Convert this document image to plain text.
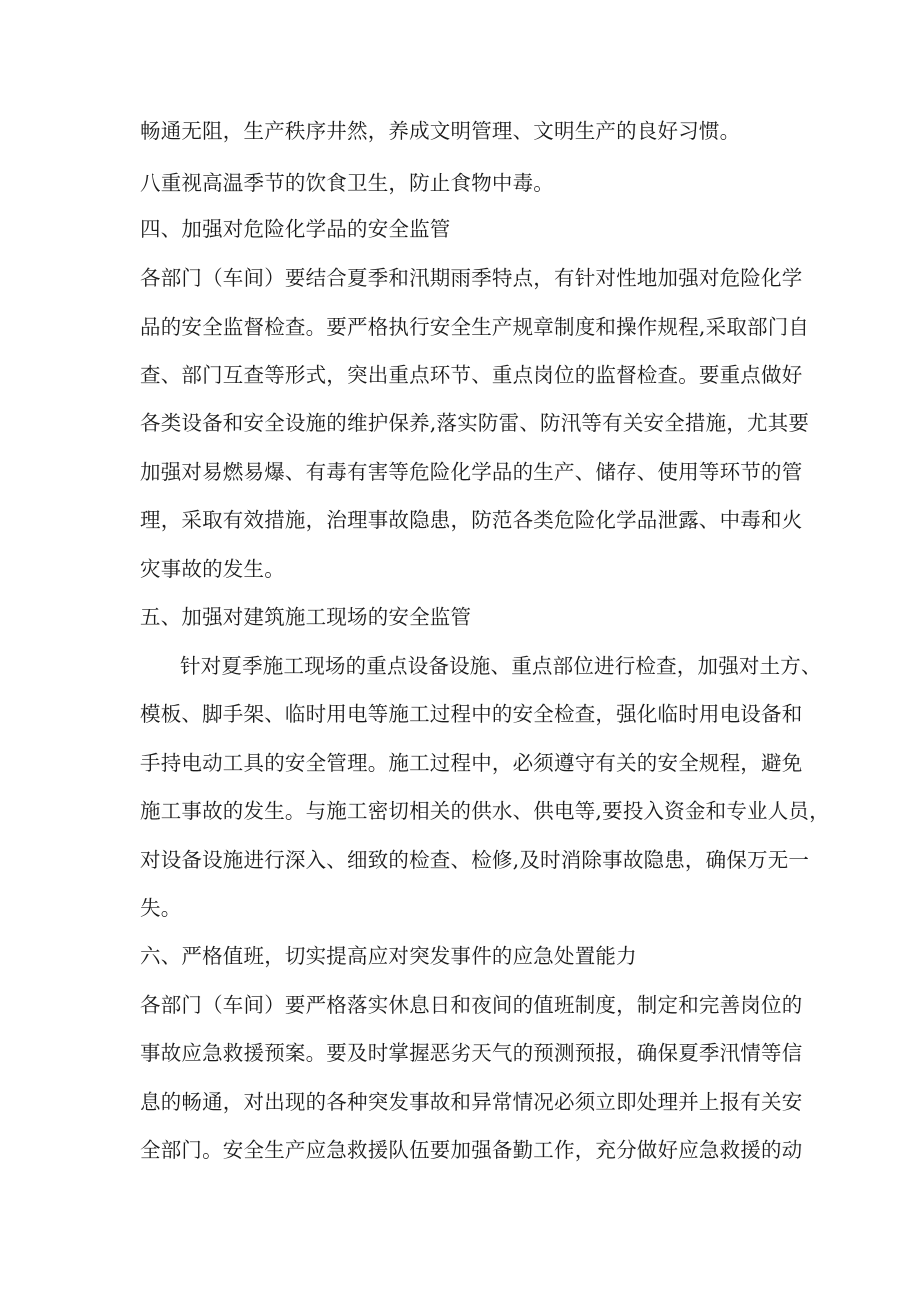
畅通无阻，生产秩序井然，养成文明管理、文明生产的良好习惯。

八重视高温季节的饮食卫生，防止食物中毒。

四、加强对危险化学品的安全监管

各部门（车间）要结合夏季和汛期雨季特点，有针对性地加强对危险化学

品的安全监督检查。要严格执行安全生产规章制度和操作规程,采取部门自

查、部门互查等形式，突出重点环节、重点岗位的监督检查。要重点做好

各类设备和安全设施的维护保养,落实防雷、防汛等有关安全措施，尤其要

加强对易燃易爆、有毒有害等危险化学品的生产、储存、使用等环节的管

理，采取有效措施，治理事故隐患，防范各类危险化学品泄露、中毒和火

灾事故的发生。

五、加强对建筑施工现场的安全监管

针对夏季施工现场的重点设备设施、重点部位进行检查，加强对土方、

模板、脚手架、临时用电等施工过程中的安全检查，强化临时用电设备和

手持电动工具的安全管理。施工过程中，必须遵守有关的安全规程，避免

施工事故的发生。与施工密切相关的供水、供电等,要投入资金和专业人员，

对设备设施进行深入、细致的检查、检修,及时消除事故隐患，确保万无一

失。

六、严格值班，切实提高应对突发事件的应急处置能力

各部门（车间）要严格落实休息日和夜间的值班制度，制定和完善岗位的

事故应急救援预案。要及时掌握恶劣天气的预测预报，确保夏季汛情等信

息的畅通，对出现的各种突发事故和异常情况必须立即处理并上报有关安

全部门。安全生产应急救援队伍要加强备勤工作，充分做好应急救援的动
